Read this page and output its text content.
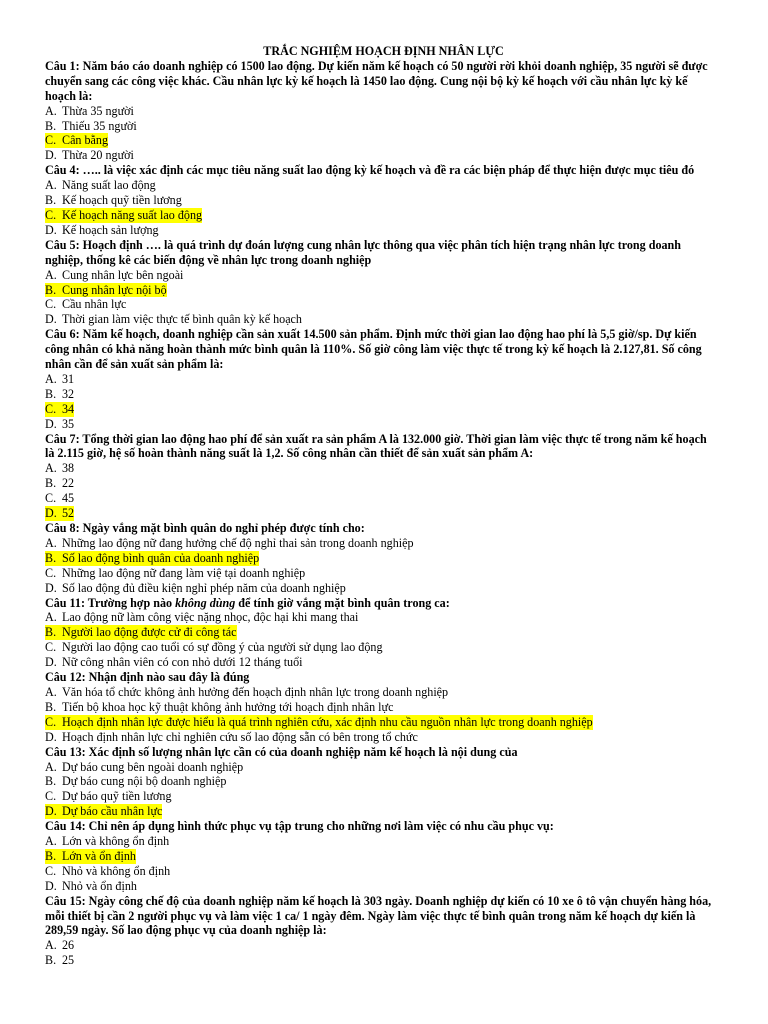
TRẮC NGHIỆM HOẠCH ĐỊNH NHÂN LỰC

Câu 1: Năm báo cáo doanh nghiệp có 1500 lao động. Dự kiến năm kế hoạch có 50 người rời khỏi doanh nghiệp, 35 người sẽ được chuyển sang các công việc khác. Cầu nhân lực kỳ kế hoạch là 1450 lao động. Cung nội bộ kỳ kế hoạch với cầu nhân lực kỳ kế hoạch là:

A. Thừa 35 người
B. Thiếu 35 người
C. Cân bằng

D. Thừa 20 người

Câu 4: ….. là việc xác định các mục tiêu năng suất lao động kỳ kế hoạch và đề ra các biện pháp để thực hiện được mục tiêu đó

A. Năng suất lao động
B. Kế hoạch quỹ tiền lương
C. Kế hoạch năng suất lao động

D. Kế hoạch sản lượng

Câu 5: Hoạch định …. là quá trình dự đoán lượng cung nhân lực thông qua việc phân tích hiện trạng nhân lực trong doanh nghiệp, thống kê các biến động về nhân lực trong doanh nghiệp

A. Cung nhân lực bên ngoài
B. Cung nhân lực nội bộ

C. Cầu nhân lực
D. Thời gian làm việc thực tế bình quân kỳ kế hoạch

Câu 6: Năm kế hoạch, doanh nghiệp cần sản xuất 14.500 sản phẩm. Định mức thời gian lao động hao phí là 5,5 giờ/sp. Dự kiến công nhân có khả năng hoàn thành mức bình quân là 110%. Số giờ công làm việc thực tế trong kỳ kế hoạch là 2.127,81. Số công nhân cần để sản xuất sản phẩm là:

A. 31
B. 32
C. 34

D. 35

Câu 7: Tổng thời gian lao động hao phí để sản xuất ra sản phẩm A là 132.000 giờ. Thời gian làm việc thực tế trong năm kế hoạch là 2.115 giờ, hệ số hoàn thành năng suất là 1,2. Số công nhân cần thiết để sản xuất sản phẩm A:

A. 38
B. 22
C. 45
D. 52

Câu 8: Ngày vắng mặt bình quân do nghỉ phép được tính cho:

A. Những lao động nữ đang hưởng chế độ nghỉ thai sản trong doanh nghiệp
B. Số lao động bình quân của doanh nghiệp

C. Những lao động nữ đang làm việ tại doanh nghiệp
D. Số lao động đủ điều kiện nghỉ phép năm của doanh nghiệp

Câu 11: Trường hợp nào không dùng để tính giờ vắng mặt bình quân trong ca:

A. Lao động nữ làm công việc nặng nhọc, độc hại khi mang thai
B. Người lao động được cử đi công tác

C. Người lao động cao tuổi có sự đồng ý của người sử dụng lao động
D. Nữ công nhân viên có con nhỏ dưới 12 tháng tuổi

Câu 12: Nhận định nào sau đây là đúng

A. Văn hóa tổ chức không ảnh hưởng đến hoạch định nhân lực trong doanh nghiệp
B. Tiến bộ khoa học kỹ thuật không ảnh hưởng tới hoạch định nhân lực
C. Hoạch định nhân lực được hiểu là quá trình nghiên cứu, xác định nhu cầu nguồn nhân lực trong doanh nghiệp

D. Hoạch định nhân lực chỉ nghiên cứu số lao động sẵn có bên trong tổ chức

Câu 13: Xác định số lượng nhân lực cần có của doanh nghiệp năm kế hoạch là nội dung của

A. Dự báo cung bên ngoài doanh nghiệp
B. Dự báo cung nội bộ doanh nghiệp
C. Dự báo quỹ tiền lương
D. Dự báo cầu nhân lực

Câu 14: Chỉ nên áp dụng hình thức phục vụ tập trung cho những nơi làm việc có nhu cầu phục vụ:

A. Lớn và không ổn định
B. Lớn và ổn định

C. Nhỏ và không ổn định
D. Nhỏ và ổn định

Câu 15: Ngày công chế độ của doanh nghiệp năm kế hoạch là 303 ngày. Doanh nghiệp dự kiến có 10 xe ô tô vận chuyển hàng hóa, mỗi thiết bị cần 2 người phục vụ và làm việc 1 ca/ 1 ngày đêm. Ngày làm việc thực tế bình quân trong năm kế hoạch dự kiến là 289,59 ngày. Số lao động phục vụ của doanh nghiệp là:

A. 26
B. 25
